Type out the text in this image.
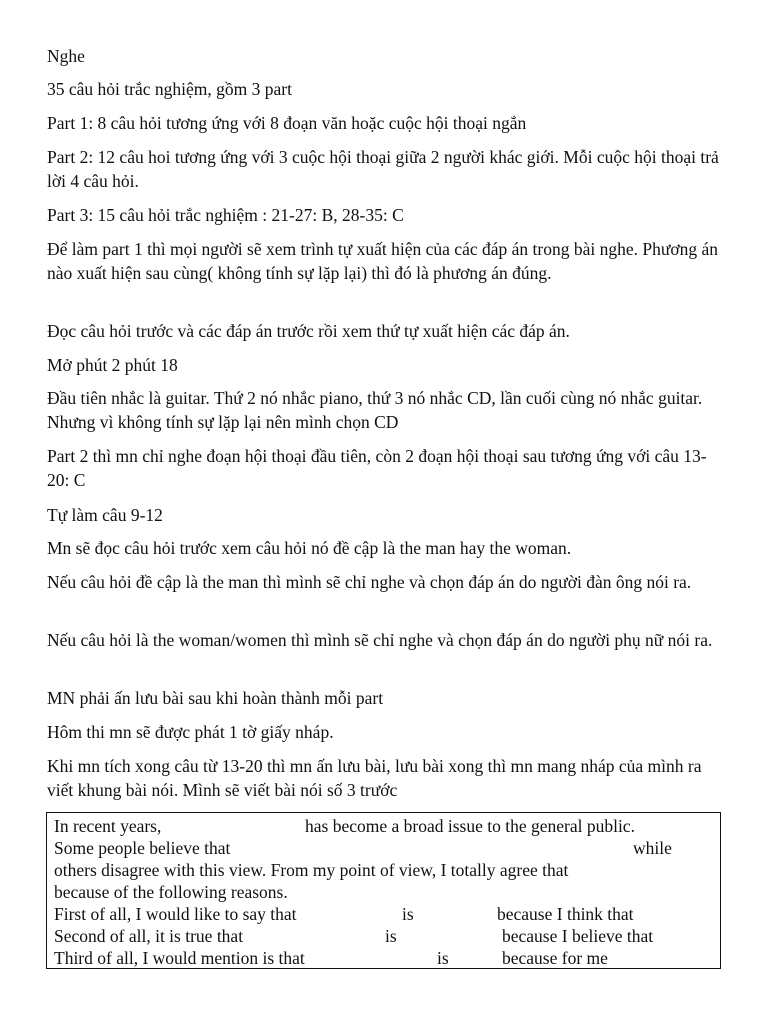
Nghe

35 câu hỏi trắc nghiệm, gồm 3 part

Part 1: 8 câu hỏi tương ứng với 8 đoạn văn hoặc cuộc hội thoại ngắn

Part 2: 12 câu hoi tương ứng với 3 cuộc hội thoại giữa 2 người khác giới. Mỗi cuộc hội thoại trả lời 4 câu hỏi.

Part 3: 15 câu hỏi trắc nghiệm : 21-27: B, 28-35: C

Để làm part 1 thì mọi người sẽ xem trình tự xuất hiện của các đáp án trong bài nghe. Phương án nào xuất hiện sau cùng( không tính sự lặp lại) thì đó là phương án đúng.

Đọc câu hỏi trước và các đáp án trước rồi xem thứ tự xuất hiện các đáp án.

Mở phút 2 phút 18

Đầu tiên nhắc là guitar. Thứ 2 nó nhắc piano, thứ 3 nó nhắc CD, lần cuối cùng nó nhắc guitar. Nhưng vì không tính sự lặp lại nên mình chọn CD

Part 2 thì mn chỉ nghe đoạn hội thoại đầu tiên, còn 2 đoạn hội thoại sau tương ứng với câu 13-20: C

Tự làm câu 9-12

Mn sẽ đọc câu hỏi trước xem câu hỏi nó đề cập là the man hay the woman.

Nếu câu hỏi đề cập là the man thì mình sẽ chỉ nghe và chọn đáp án do người đàn ông nói ra.

Nếu câu hỏi là the woman/women thì mình sẽ chỉ nghe và chọn đáp án do người phụ nữ nói ra.

MN phải ấn lưu bài sau khi hoàn thành mỗi part

Hôm thi mn sẽ được phát 1 tờ giấy nháp.

Khi mn tích xong câu từ 13-20 thì mn ấn lưu bài, lưu bài xong thì mn mang nháp của mình ra viết khung bài nói. Mình sẽ viết bài nói số 3 trước

In recent years,	has become a broad issue to the general public.
Some people believe that	while
others disagree with this view. From my point of view, I totally agree that
because of the following reasons.
First of all, I would like to say that	is	because I think that
Second of all, it is true that	is	because I believe that
Third of all, I would mention is that	is	because for me
